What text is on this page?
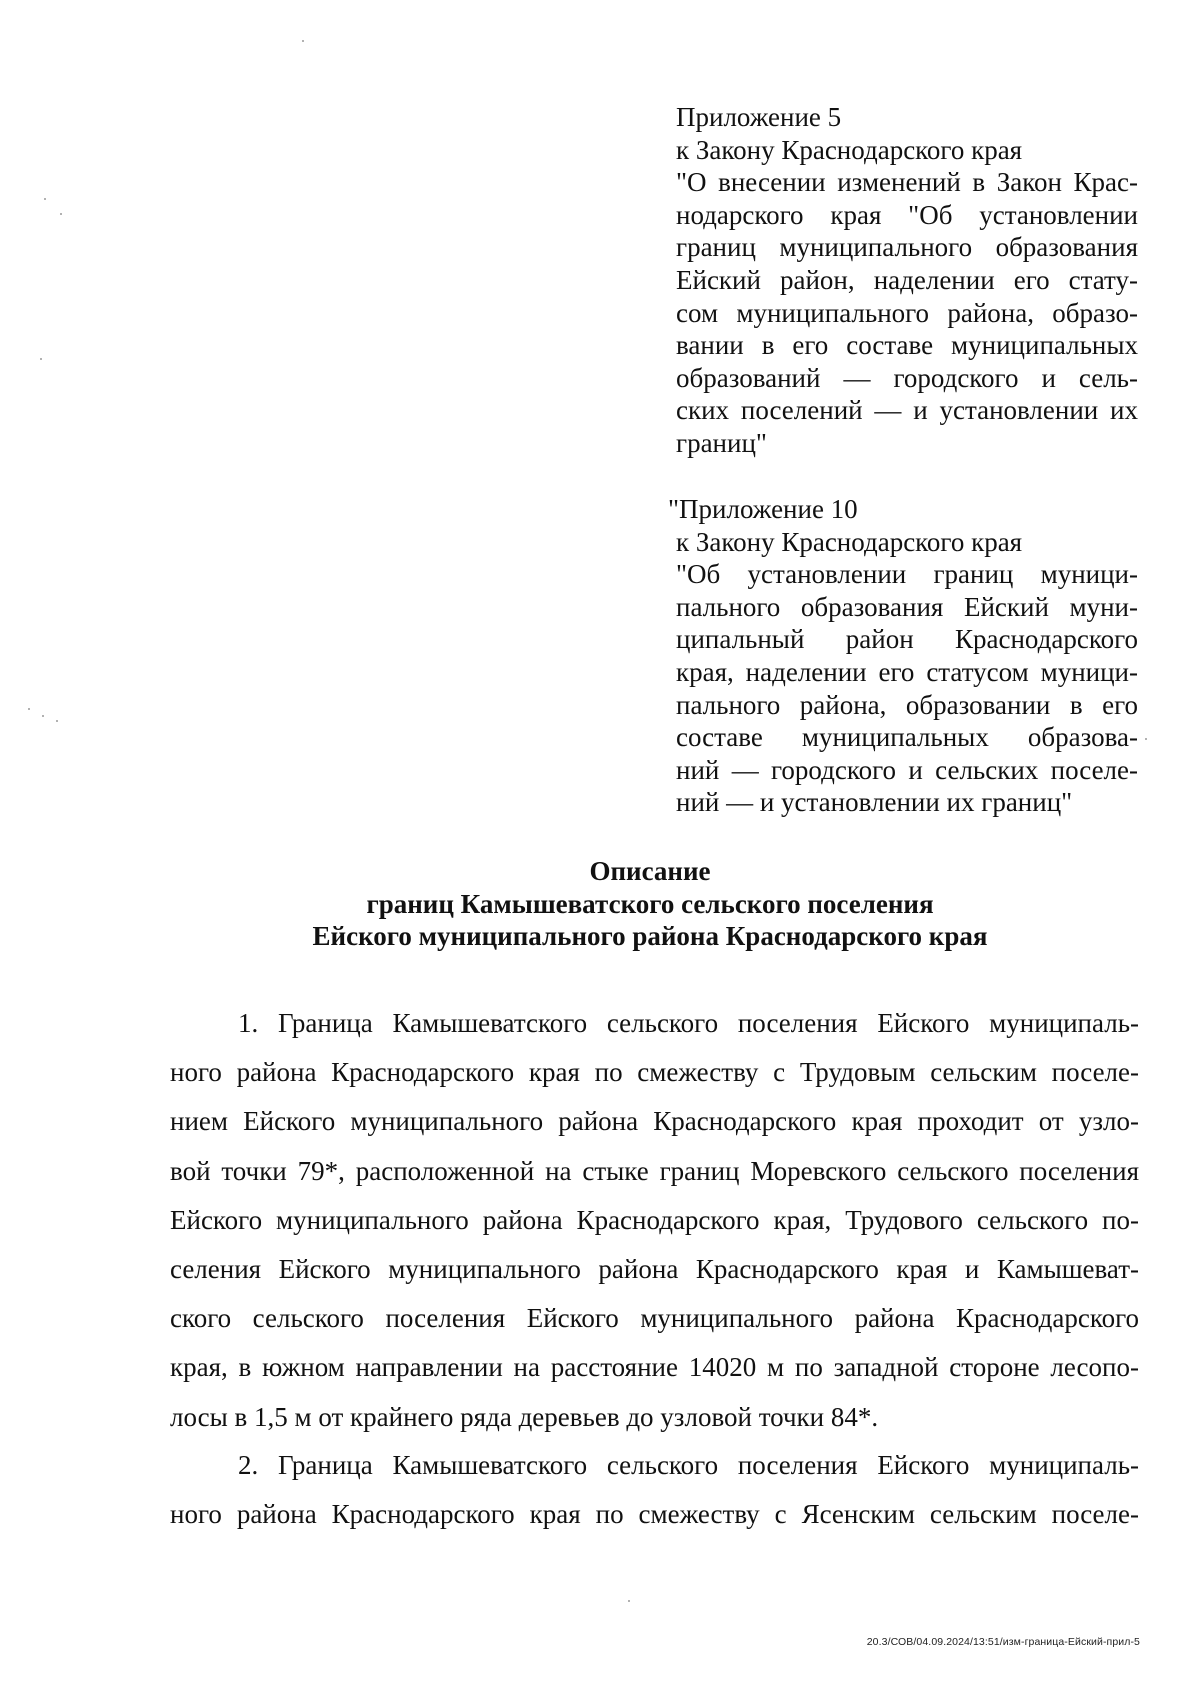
Приложение 5
к Закону Краснодарского края
"О внесении изменений в Закон Крас-
нодарского края "Об установлении
границ муниципального образования
Ейский район, наделении его стату-
сом муниципального района, образо-
вании в его составе муниципальных
образований — городского и сель-
ских поселений — и установлении их
границ"
"Приложение 10
к Закону Краснодарского края
"Об установлении границ муници-
пального образования Ейский муни-
ципальный район Краснодарского
края, наделении его статусом муници-
пального района, образовании в его
составе муниципальных образова-
ний — городского и сельских поселе-
ний — и установлении их границ"
Описание
границ Камышеватского сельского поселения
Ейского муниципального района Краснодарского края
1. Граница Камышеватского сельского поселения Ейского муниципаль-
ного района Краснодарского края по смежеству с Трудовым сельским поселе-
нием Ейского муниципального района Краснодарского края проходит от узло-
вой точки 79*, расположенной на стыке границ Моревского сельского поселения
Ейского муниципального района Краснодарского края, Трудового сельского по-
селения Ейского муниципального района Краснодарского края и Камышеват-
ского сельского поселения Ейского муниципального района Краснодарского
края, в южном направлении на расстояние 14020 м по западной стороне лесопо-
лосы в 1,5 м от крайнего ряда деревьев до узловой точки 84*.
2. Граница Камышеватского сельского поселения Ейского муниципаль-
ного района Краснодарского края по смежеству с Ясенским сельским поселе-
20.3/СОВ/04.09.2024/13:51/изм-граница-Ейский-прил-5
